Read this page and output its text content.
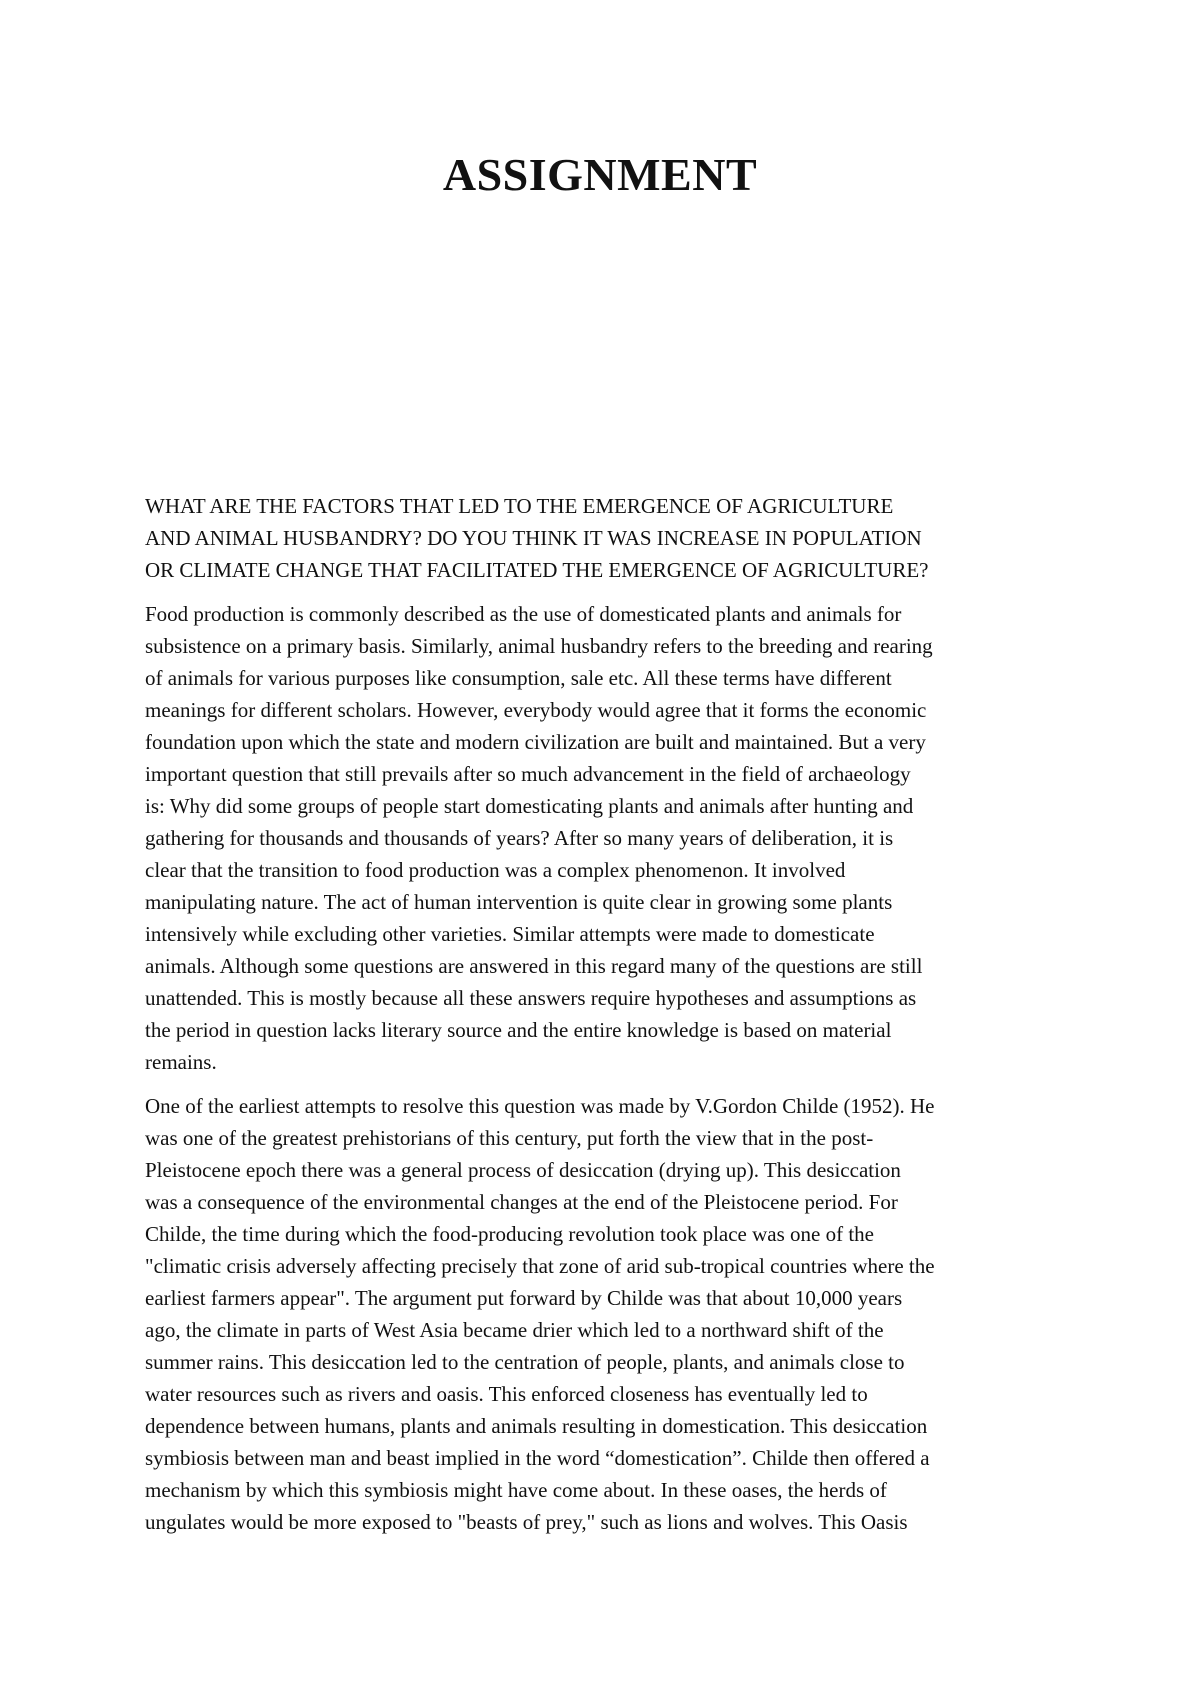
ASSIGNMENT

WHAT ARE THE FACTORS THAT LED TO THE EMERGENCE OF AGRICULTURE
AND ANIMAL HUSBANDRY? DO YOU THINK IT WAS INCREASE IN POPULATION
OR CLIMATE CHANGE THAT FACILITATED THE EMERGENCE OF AGRICULTURE?

Food production is commonly described as the use of domesticated plants and animals for
subsistence on a primary basis. Similarly, animal husbandry refers to the breeding and rearing
of animals for various purposes like consumption, sale etc. All these terms have different
meanings for different scholars. However, everybody would agree that it forms the economic
foundation upon which the state and modern civilization are built and maintained. But a very
important question that still prevails after so much advancement in the field of archaeology
is: Why did some groups of people start domesticating plants and animals after hunting and
gathering for thousands and thousands of years? After so many years of deliberation, it is
clear that the transition to food production was a complex phenomenon. It involved
manipulating nature. The act of human intervention is quite clear in growing some plants
intensively while excluding other varieties. Similar attempts were made to domesticate
animals. Although some questions are answered in this regard many of the questions are still
unattended. This is mostly because all these answers require hypotheses and assumptions as
the period in question lacks literary source and the entire knowledge is based on material
remains.

One of the earliest attempts to resolve this question was made by V.Gordon Childe (1952). He
was one of the greatest prehistorians of this century, put forth the view that in the post-
Pleistocene epoch there was a general process of desiccation (drying up). This desiccation
was a consequence of the environmental changes at the end of the Pleistocene period. For
Childe, the time during which the food-producing revolution took place was one of the
"climatic crisis adversely affecting precisely that zone of arid sub-tropical countries where the
earliest farmers appear". The argument put forward by Childe was that about 10,000 years
ago, the climate in parts of West Asia became drier which led to a northward shift of the
summer rains. This desiccation led to the centration of people, plants, and animals close to
water resources such as rivers and oasis. This enforced closeness has eventually led to
dependence between humans, plants and animals resulting in domestication. This desiccation
symbiosis between man and beast implied in the word “domestication”. Childe then offered a
mechanism by which this symbiosis might have come about. In these oases, the herds of
ungulates would be more exposed to "beasts of prey," such as lions and wolves. This Oasis
